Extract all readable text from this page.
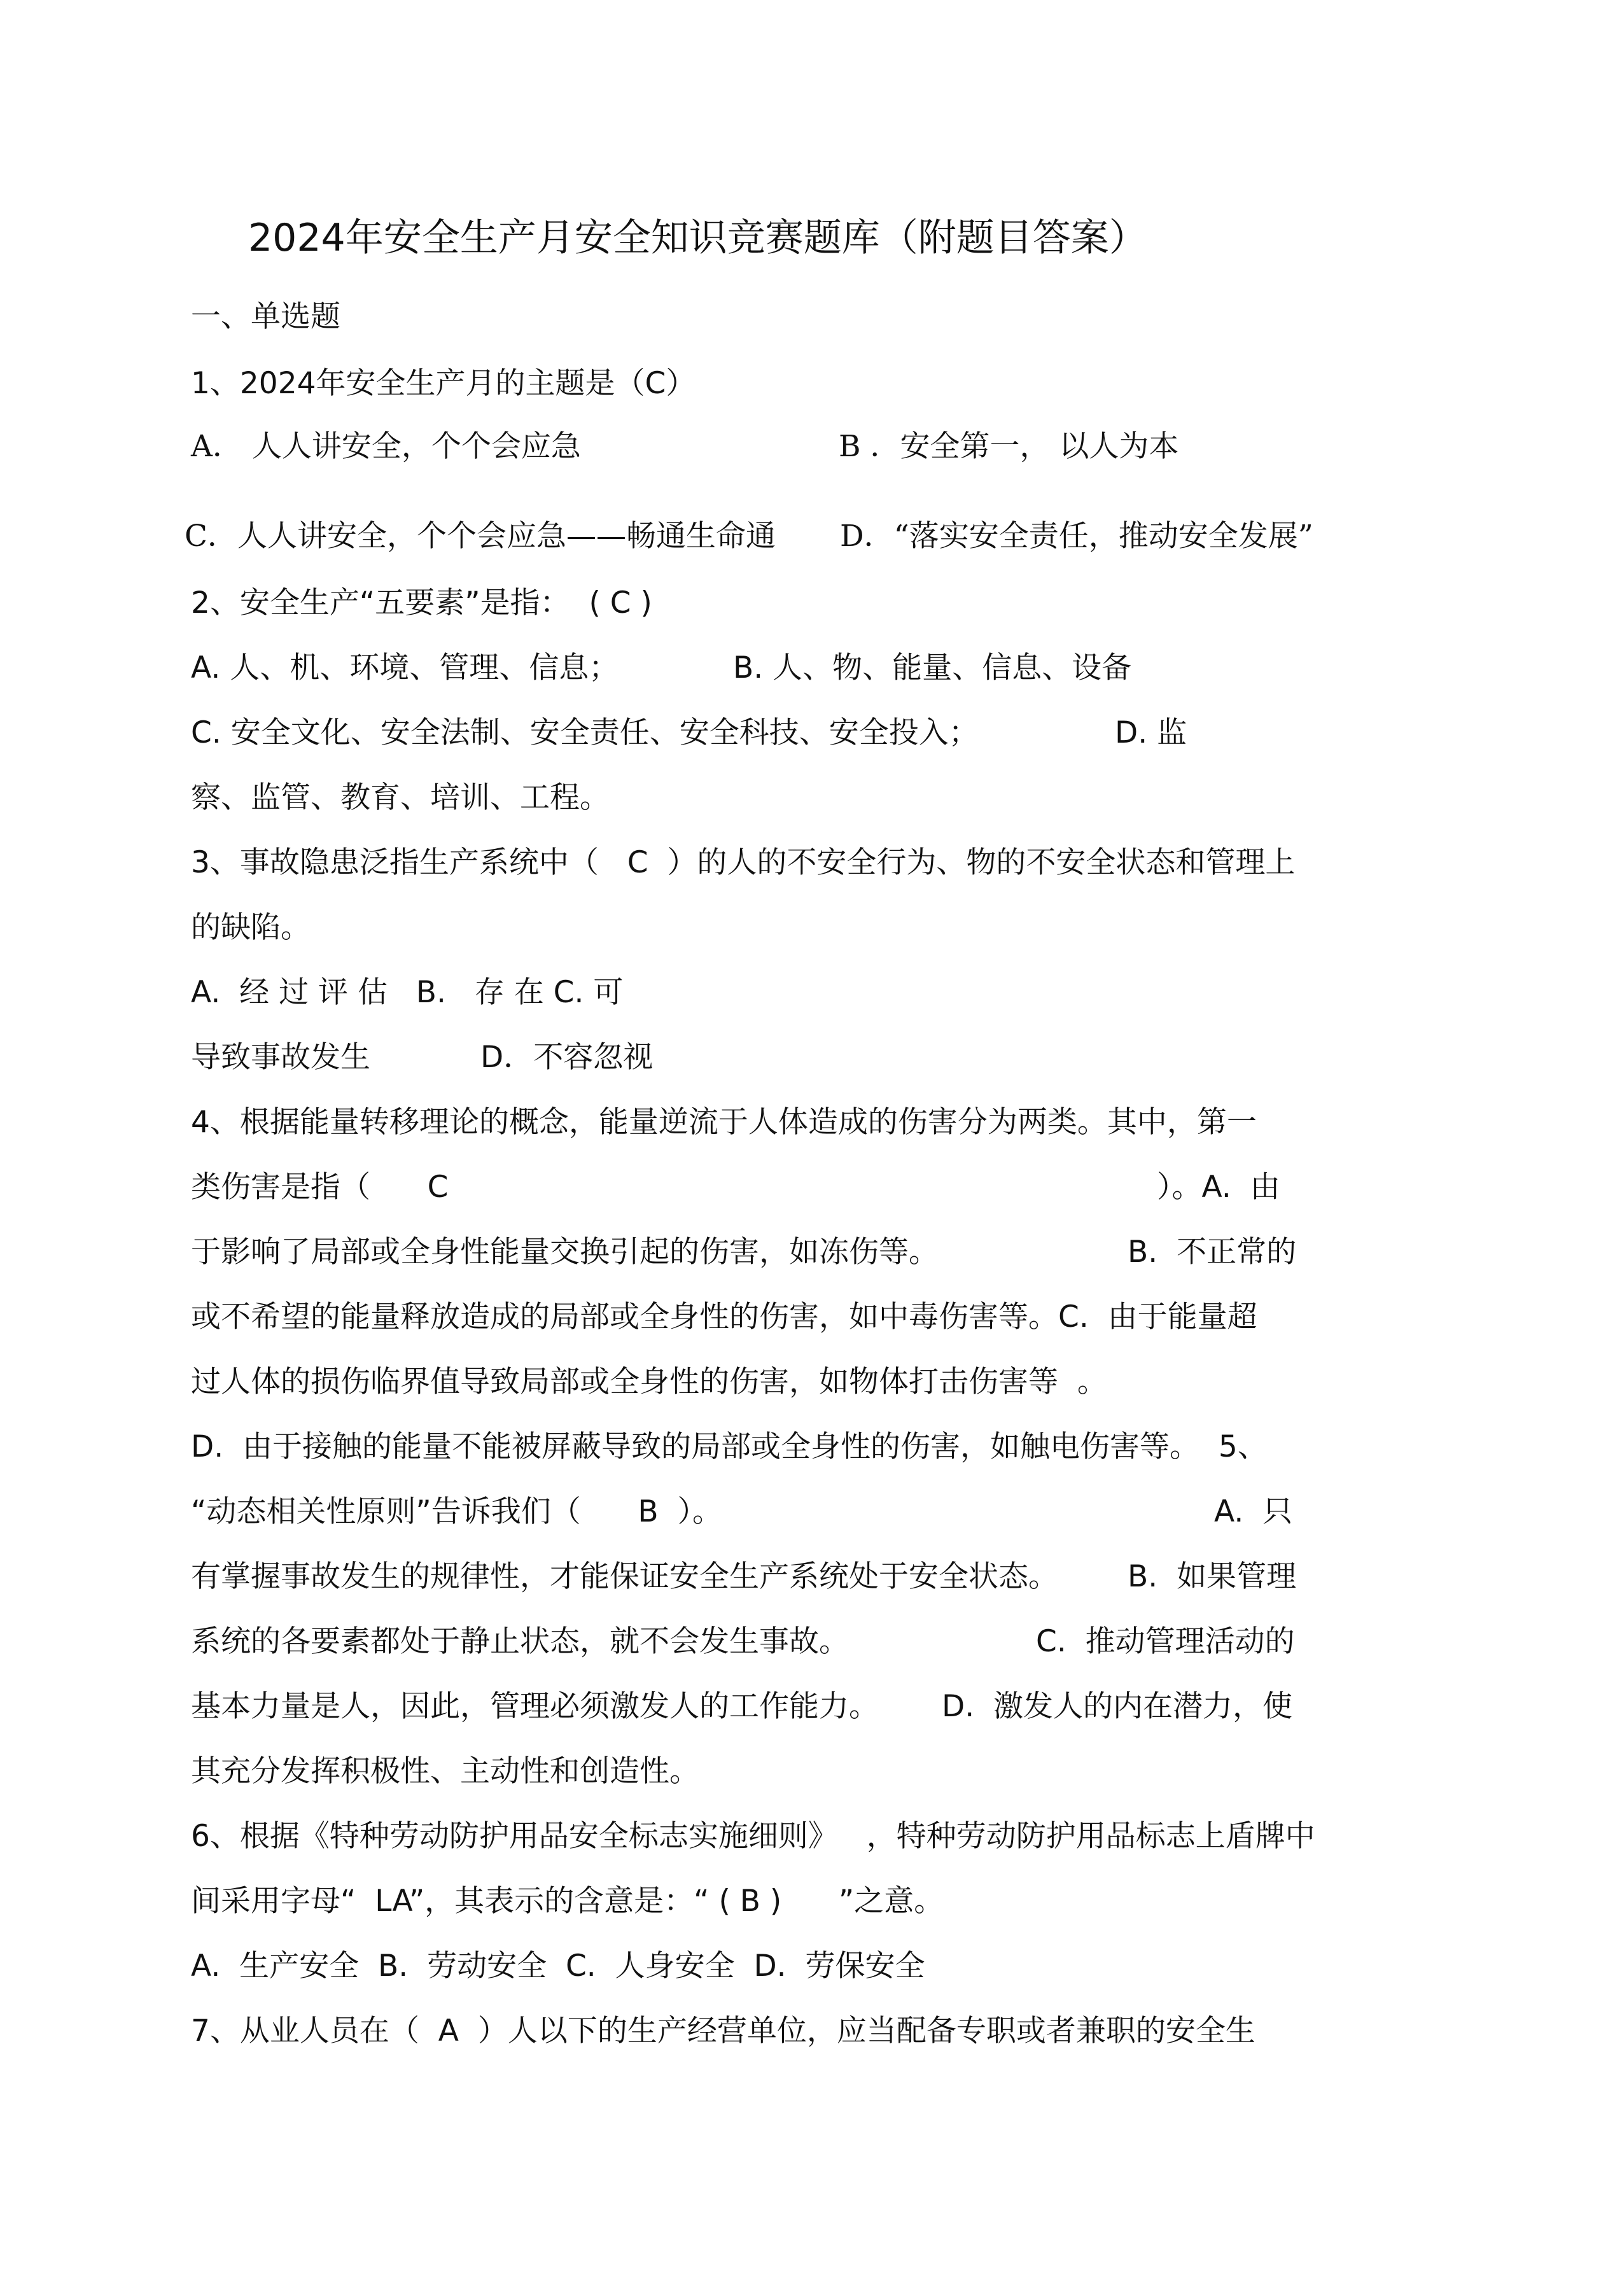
2024年安全生产月安全知识竞赛题库（附题目答案）
一、单选题
1、2024年安全生产月的主题是（C）
A． 人人讲安全，个个会应急	B ．安全第一， 以人为本
C．人人讲安全，个个会应急——畅通生命通 D．“落实安全责任，推动安全发展”
2、安全生产“五要素”是指：  ( C )
A. 人、机、环境、管理、信息；	B. 人、物、能量、信息、设备
C. 安全文化、安全法制、安全责任、安全科技、安全投入；	D. 监
察、监管、教育、培训、工程。
3、事故隐患泛指生产系统中（   C  ）的人的不安全行为、物的不安全状态和管理上
的缺陷。
A.  经 过 评 估   B.   存 在 C. 可
导致事故发生	D．不容忽视
4、根据能量转移理论的概念，能量逆流于人体造成的伤害分为两类。其中，第一
类伤害是指（      C	）。A.  由
于影响了局部或全身性能量交换引起的伤害，如冻伤等。	B.  不正常的
或不希望的能量释放造成的局部或全身性的伤害，如中毒伤害等。C.  由于能量超
过人体的损伤临界值导致局部或全身性的伤害，如物体打击伤害等  。
D.  由于接触的能量不能被屏蔽导致的局部或全身性的伤害，如触电伤害等。  5、
“动态相关性原则”告诉我们（      B  ）。	A.  只
有掌握事故发生的规律性，才能保证安全生产系统处于安全状态。 B.  如果管理
系统的各要素都处于静止状态，就不会发生事故。	C.  推动管理活动的
基本力量是人，因此，管理必须激发人的工作能力。 D.  激发人的内在潜力，使
其充分发挥积极性、主动性和创造性。
6、根据《特种劳动防护用品安全标志实施细则》   ，特种劳动防护用品标志上盾牌中
间采用字母“  LA”，其表示的含意是：“ ( B )      ”之意。
A.  生产安全  B.  劳动安全  C.  人身安全  D.  劳保安全
7、从业人员在（  A  ）人以下的生产经营单位，应当配备专职或者兼职的安全生
